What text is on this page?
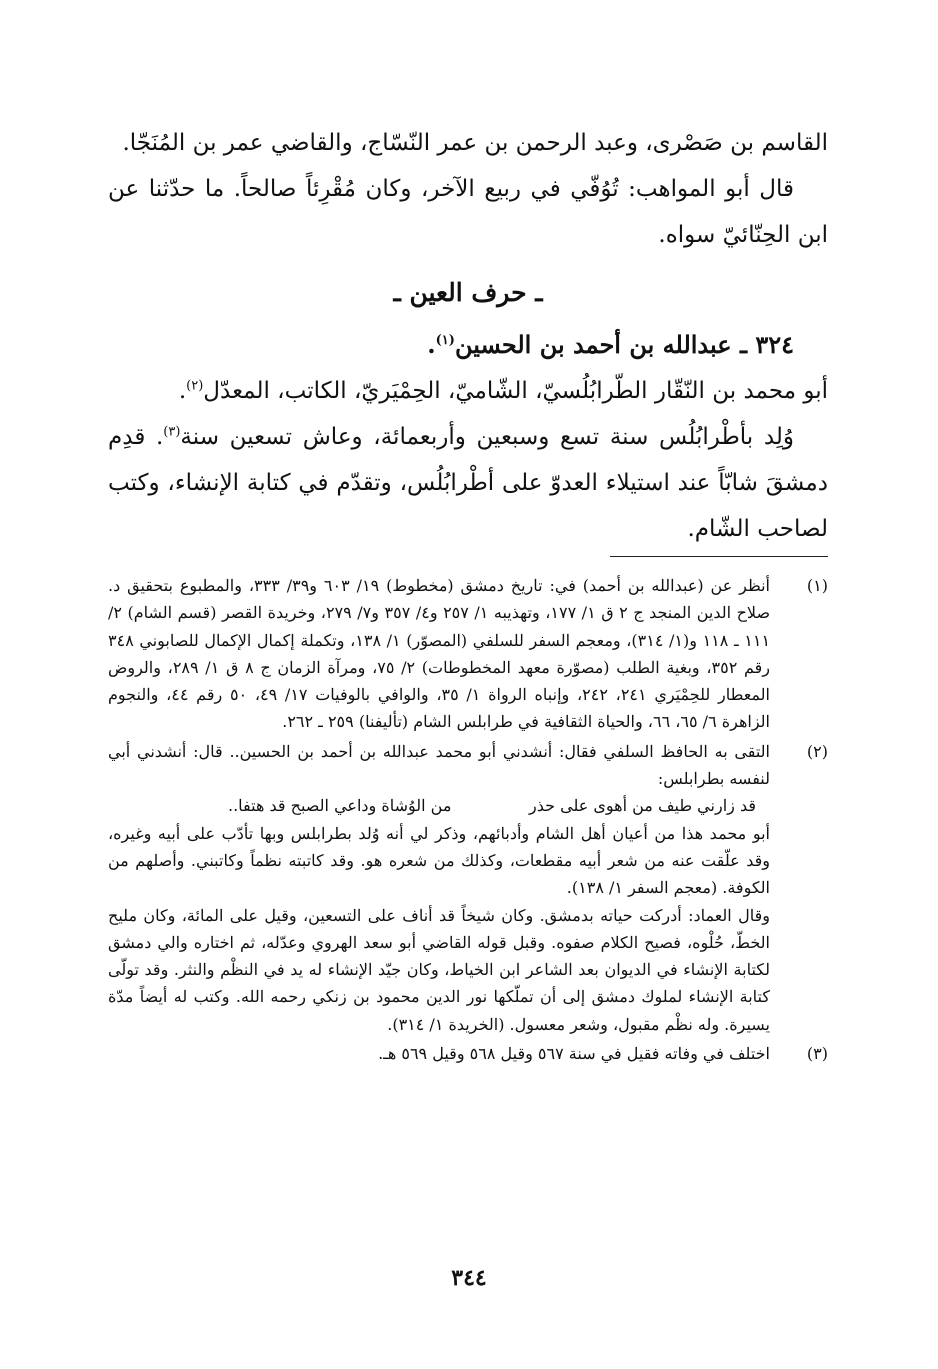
القاسم بن صَصْرى، وعبد الرحمن بن عمر النّسّاج، والقاضي عمر بن المُنَجّا.

قال أبو المواهب: تُوُفّي في ربيع الآخر، وكان مُقْرِئاً صالحاً. ما حدّثنا عن ابن الحِنّائيّ سواه.

ـ حرف العين ـ

٣٢٤ ـ عبدالله بن أحمد بن الحسين$^{(١)}$.

أبو محمد بن النّقّار الطّرابُلُسيّ، الشّاميّ، الحِمْيَريّ، الكاتب، المعدّل$^{(٢)}$.

وُلِد بأطْرابُلُس سنة تسع وسبعين وأربعمائة، وعاش تسعين سنة$^{(٣)}$. قدِم دمشقَ شابّاً عند استيلاء العدوّ على أطْرابُلُس، وتقدّم في كتابة الإنشاء، وكتب لصاحب الشّام.

(١)

أنظر عن (عبدالله بن أحمد) في: تاريخ دمشق (مخطوط) ١٩/ ٦٠٣ و٣٩/ ٣٣٣، والمطبوع بتحقيق د. صلاح الدين المنجد ج ٢ ق ١/ ١٧٧، وتهذيبه ١/ ٢٥٧ و٤/ ٣٥٧ و٧/ ٢٧٩، وخريدة القصر (قسم الشام) ٢/ ١١١ ـ ١١٨ و(١/ ٣١٤)، ومعجم السفر للسلفي (المصوّر) ١/ ١٣٨، وتكملة إكمال الإكمال للصابوني ٣٤٨ رقم ٣٥٢، وبغية الطلب (مصوّرة معهد المخطوطات) ٢/ ٧٥، ومرآة الزمان ج ٨ ق ١/ ٢٨٩، والروض المعطار للحِمْيَري ٢٤١، ٢٤٢، وإنباه الرواة ١/ ٣٥، والوافي بالوفيات ١٧/ ٤٩، ٥٠ رقم ٤٤، والنجوم الزاهرة ٦/ ٦٥، ٦٦، والحياة الثقافية في طرابلس الشام (تأليفنا) ٢٥٩ ـ ٢٦٢.

(٢)

التقى به الحافظ السلفي فقال: أنشدني أبو محمد عبدالله بن أحمد بن الحسين.. قال: أنشدني أبي لنفسه بطرابلس:

قد زارني طيف من أهوى على حذر
من الوُشاة وداعي الصبح قد هتفا..

أبو محمد هذا من أعيان أهل الشام وأدبائهم، وذكر لي أنه وُلد بطرابلس وبها تأدّب على أبيه وغيره، وقد علّقت عنه من شعر أبيه مقطعات، وكذلك من شعره هو. وقد كاتبته نظماً وكاتبني. وأصلهم من الكوفة. (معجم السفر ١/ ١٣٨).

وقال العماد: أدركت حياته بدمشق. وكان شيخاً قد أناف على التسعين، وقيل على المائة، وكان مليح الخطّ، حُلْوه، فصيح الكلام صفوه. وقبل قوله القاضي أبو سعد الهروي وعدّله، ثم اختاره والي دمشق لكتابة الإنشاء في الديوان بعد الشاعر ابن الخياط، وكان جيّد الإنشاء له يد في النظْم والنثر. وقد تولّى كتابة الإنشاء لملوك دمشق إلى أن تملّكها نور الدين محمود بن زنكي رحمه الله. وكتب له أيضاً مدّة يسيرة. وله نظْم مقبول، وشعر معسول. (الخريدة ١/ ٣١٤).

(٣)

اختلف في وفاته فقيل في سنة ٥٦٧ وقيل ٥٦٨ وقيل ٥٦٩ هـ.

٣٤٤
